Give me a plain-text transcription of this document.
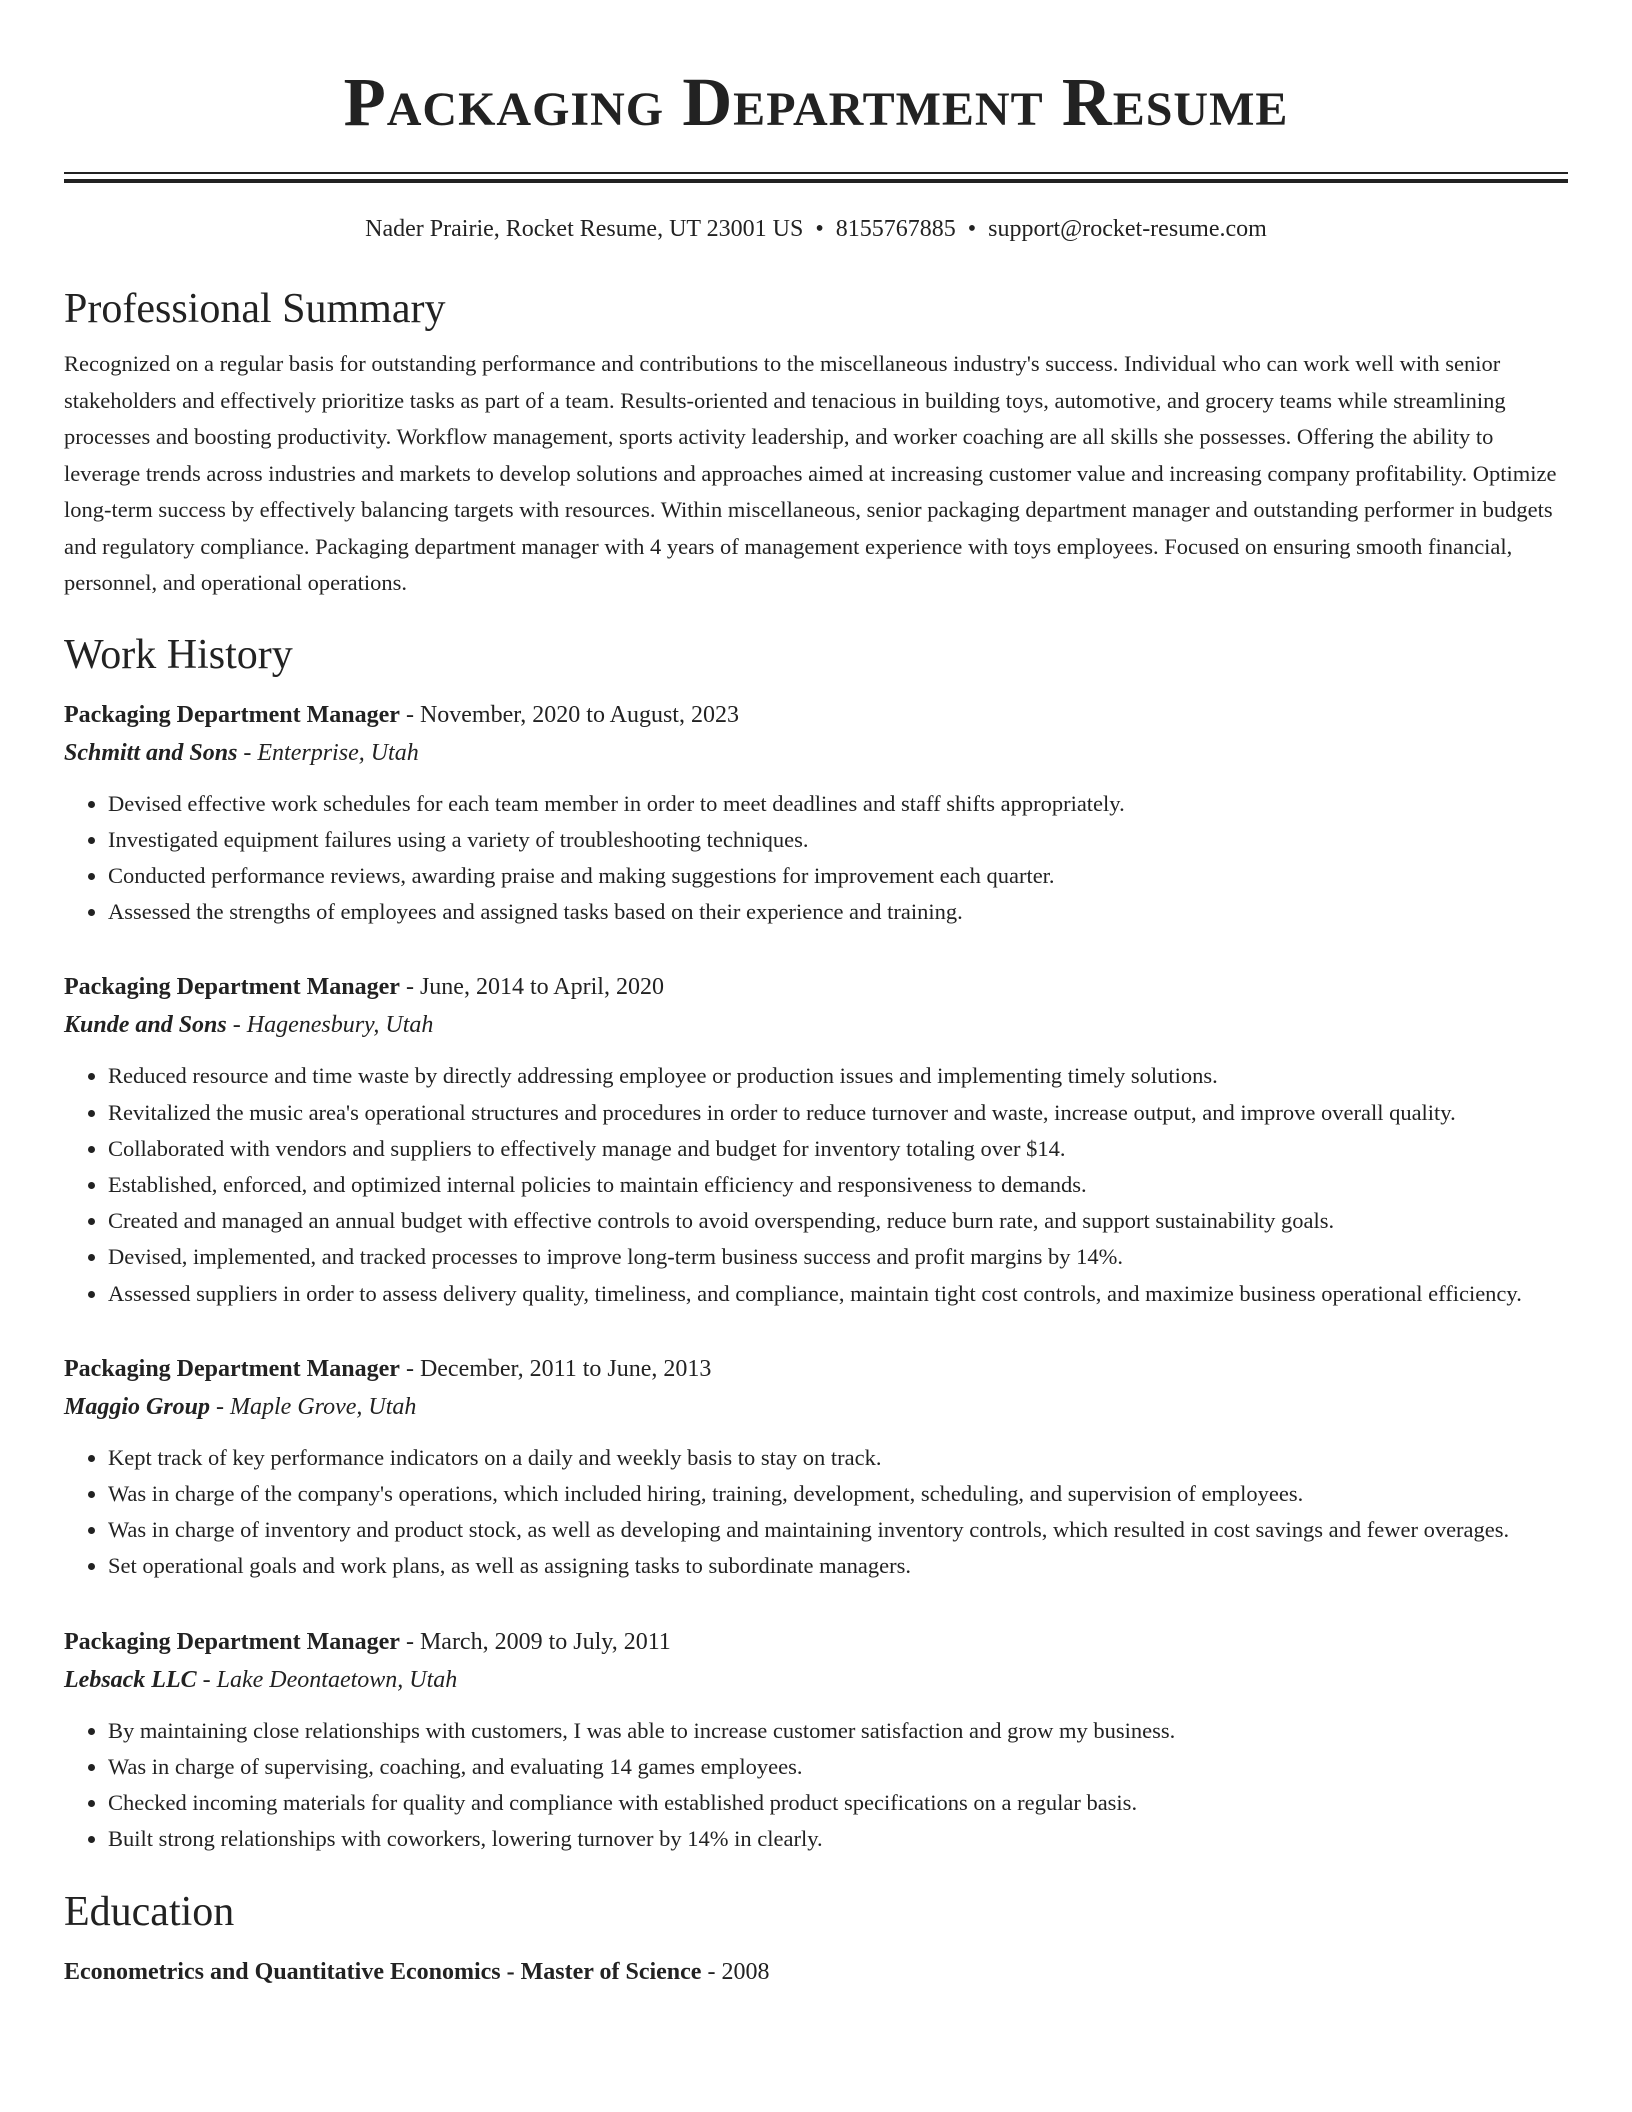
Packaging Department Resume
Nader Prairie, Rocket Resume, UT 23001 US • 8155767885 • support@rocket-resume.com
Professional Summary

Recognized on a regular basis for outstanding performance and contributions to the miscellaneous industry's success. Individual who can work well with senior stakeholders and effectively prioritize tasks as part of a team. Results-oriented and tenacious in building toys, automotive, and grocery teams while streamlining processes and boosting productivity. Workflow management, sports activity leadership, and worker coaching are all skills she possesses. Offering the ability to leverage trends across industries and markets to develop solutions and approaches aimed at increasing customer value and increasing company profitability. Optimize long-term success by effectively balancing targets with resources. Within miscellaneous, senior packaging department manager and outstanding performer in budgets and regulatory compliance. Packaging department manager with 4 years of management experience with toys employees. Focused on ensuring smooth financial, personnel, and operational operations.

Work History
Packaging Department Manager - November, 2020 to August, 2023
Schmitt and Sons - Enterprise, Utah
• Devised effective work schedules for each team member in order to meet deadlines and staff shifts appropriately.
• Investigated equipment failures using a variety of troubleshooting techniques.
• Conducted performance reviews, awarding praise and making suggestions for improvement each quarter.
• Assessed the strengths of employees and assigned tasks based on their experience and training.
Packaging Department Manager - June, 2014 to April, 2020
Kunde and Sons - Hagenesbury, Utah
• Reduced resource and time waste by directly addressing employee or production issues and implementing timely solutions.
• Revitalized the music area's operational structures and procedures in order to reduce turnover and waste, increase output, and improve overall quality.
• Collaborated with vendors and suppliers to effectively manage and budget for inventory totaling over $14.
• Established, enforced, and optimized internal policies to maintain efficiency and responsiveness to demands.
• Created and managed an annual budget with effective controls to avoid overspending, reduce burn rate, and support sustainability goals.
• Devised, implemented, and tracked processes to improve long-term business success and profit margins by 14%.
• Assessed suppliers in order to assess delivery quality, timeliness, and compliance, maintain tight cost controls, and maximize business operational efficiency.
Packaging Department Manager - December, 2011 to June, 2013
Maggio Group - Maple Grove, Utah
• Kept track of key performance indicators on a daily and weekly basis to stay on track.
• Was in charge of the company's operations, which included hiring, training, development, scheduling, and supervision of employees.
• Was in charge of inventory and product stock, as well as developing and maintaining inventory controls, which resulted in cost savings and fewer overages.
• Set operational goals and work plans, as well as assigning tasks to subordinate managers.
Packaging Department Manager - March, 2009 to July, 2011
Lebsack LLC - Lake Deontaetown, Utah
• By maintaining close relationships with customers, I was able to increase customer satisfaction and grow my business.
• Was in charge of supervising, coaching, and evaluating 14 games employees.
• Checked incoming materials for quality and compliance with established product specifications on a regular basis.
• Built strong relationships with coworkers, lowering turnover by 14% in clearly.
Education
Econometrics and Quantitative Economics - Master of Science - 2008
